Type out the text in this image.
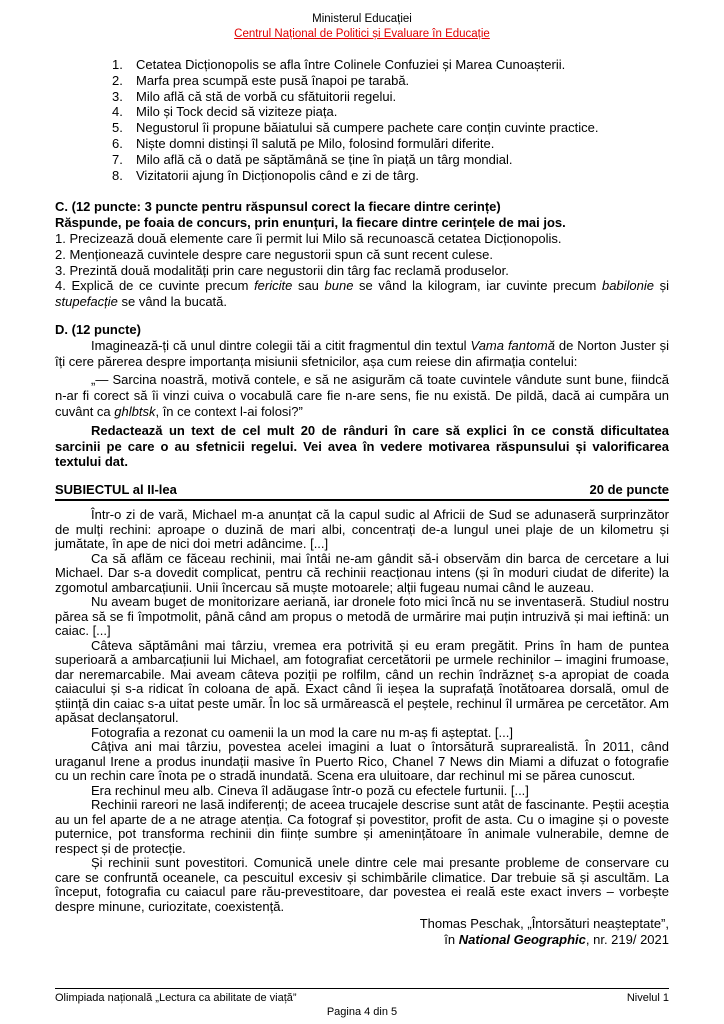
Ministerul Educației
Centrul Național de Politici și Evaluare în Educație
1.	Cetatea Dicționopolis se afla între Colinele Confuziei și Marea Cunoașterii.
2.	Marfa prea scumpă este pusă înapoi pe tarabă.
3.	Milo află că stă de vorbă cu sfătuitorii regelui.
4.	Milo și Tock decid să viziteze piața.
5.	Negustorul îi propune băiatului să cumpere pachete care conțin cuvinte practice.
6.	Niște domni distinși îl salută pe Milo, folosind formulări diferite.
7.	Milo află că o dată pe săptămână se ține în piață un târg mondial.
8.	Vizitatorii ajung în Dicționopolis când e zi de târg.

C. (12 puncte: 3 puncte pentru răspunsul corect la fiecare dintre cerințe)

Răspunde, pe foaia de concurs, prin enunțuri, la fiecare dintre cerințele de mai jos.

1. Precizează două elemente care îi permit lui Milo să recunoască cetatea Dicționopolis.

2. Menționează cuvintele despre care negustorii spun că sunt recent culese.

3. Prezintă două modalități prin care negustorii din târg fac reclamă produselor.

4. Explică de ce cuvinte precum fericite sau bune se vând la kilogram, iar cuvinte precum babilonie și stupefacție se vând la bucată.

D. (12 puncte)

Imaginează-ți că unul dintre colegii tăi a citit fragmentul din textul Vama fantomă de Norton Juster și îți cere părerea despre importanța misiunii sfetnicilor, așa cum reiese din afirmația contelui:

„— Sarcina noastră, motivă contele, e să ne asigurăm că toate cuvintele vândute sunt bune, fiindcă n-ar fi corect să îi vinzi cuiva o vocabulă care fie n-are sens, fie nu există. De pildă, dacă ai cumpăra un cuvânt ca ghlbtsk, în ce context l-ai folosi?”

Redactează un text de cel mult 20 de rânduri în care să explici în ce constă dificultatea sarcinii pe care o au sfetnicii regelui. Vei avea în vedere motivarea răspunsului și valorificarea textului dat.

SUBIECTUL al II-lea	20 de puncte

Într-o zi de vară, Michael m-a anunțat că la capul sudic al Africii de Sud se adunaseră surprinzător de mulți rechini: aproape o duzină de mari albi, concentrați de-a lungul unei plaje de un kilometru și jumătate, în ape de nici doi metri adâncime. [...]

Ca să aflăm ce făceau rechinii, mai întâi ne-am gândit să-i observăm din barca de cercetare a lui Michael. Dar s-a dovedit complicat, pentru că rechinii reacționau intens (și în moduri ciudat de diferite) la zgomotul ambarcațiunii. Unii încercau să muște motoarele; alții fugeau numai când le auzeau.

Nu aveam buget de monitorizare aeriană, iar dronele foto mici încă nu se inventaseră. Studiul nostru părea să se fi împotmolit, până când am propus o metodă de urmărire mai puțin intruzivă și mai ieftină: un caiac. [...]

Câteva săptămâni mai târziu, vremea era potrivită și eu eram pregătit. Prins în ham de puntea superioară a ambarcațiunii lui Michael, am fotografiat cercetătorii pe urmele rechinilor – imagini frumoase, dar neremarcabile. Mai aveam câteva poziții pe rolfilm, când un rechin îndrăzneț s-a apropiat de coada caiacului și s-a ridicat în coloana de apă. Exact când îi ieșea la suprafață înotătoarea dorsală, omul de știință din caiac s-a uitat peste umăr. În loc să urmărească el peștele, rechinul îl urmărea pe cercetător. Am apăsat declanșatorul.

Fotografia a rezonat cu oamenii la un mod la care nu m-aș fi așteptat. [...]

Câțiva ani mai târziu, povestea acelei imagini a luat o întorsătură suprarealistă. În 2011, când uraganul Irene a produs inundații masive în Puerto Rico, Chanel 7 News din Miami a difuzat o fotografie cu un rechin care înota pe o stradă inundată. Scena era uluitoare, dar rechinul mi se părea cunoscut.

Era rechinul meu alb. Cineva îl adăugase într-o poză cu efectele furtunii. [...]

Rechinii rareori ne lasă indiferenți; de aceea trucajele descrise sunt atât de fascinante. Peștii aceștia au un fel aparte de a ne atrage atenția. Ca fotograf și povestitor, profit de asta. Cu o imagine și o poveste puternice, pot transforma rechinii din ființe sumbre și amenințătoare în animale vulnerabile, demne de respect și de protecție.

Și rechinii sunt povestitori. Comunică unele dintre cele mai presante probleme de conservare cu care se confruntă oceanele, ca pescuitul excesiv și schimbările climatice. Dar trebuie să și ascultăm. La început, fotografia cu caiacul pare rău-prevestitoare, dar povestea ei reală este exact invers – vorbește despre minune, curiozitate, coexistență.

Thomas Peschak, „Întorsături neașteptate”,
în National Geographic, nr. 219/ 2021
Olimpiada națională „Lectura ca abilitate de viață”	Nivelul 1
Pagina 4 din 5
